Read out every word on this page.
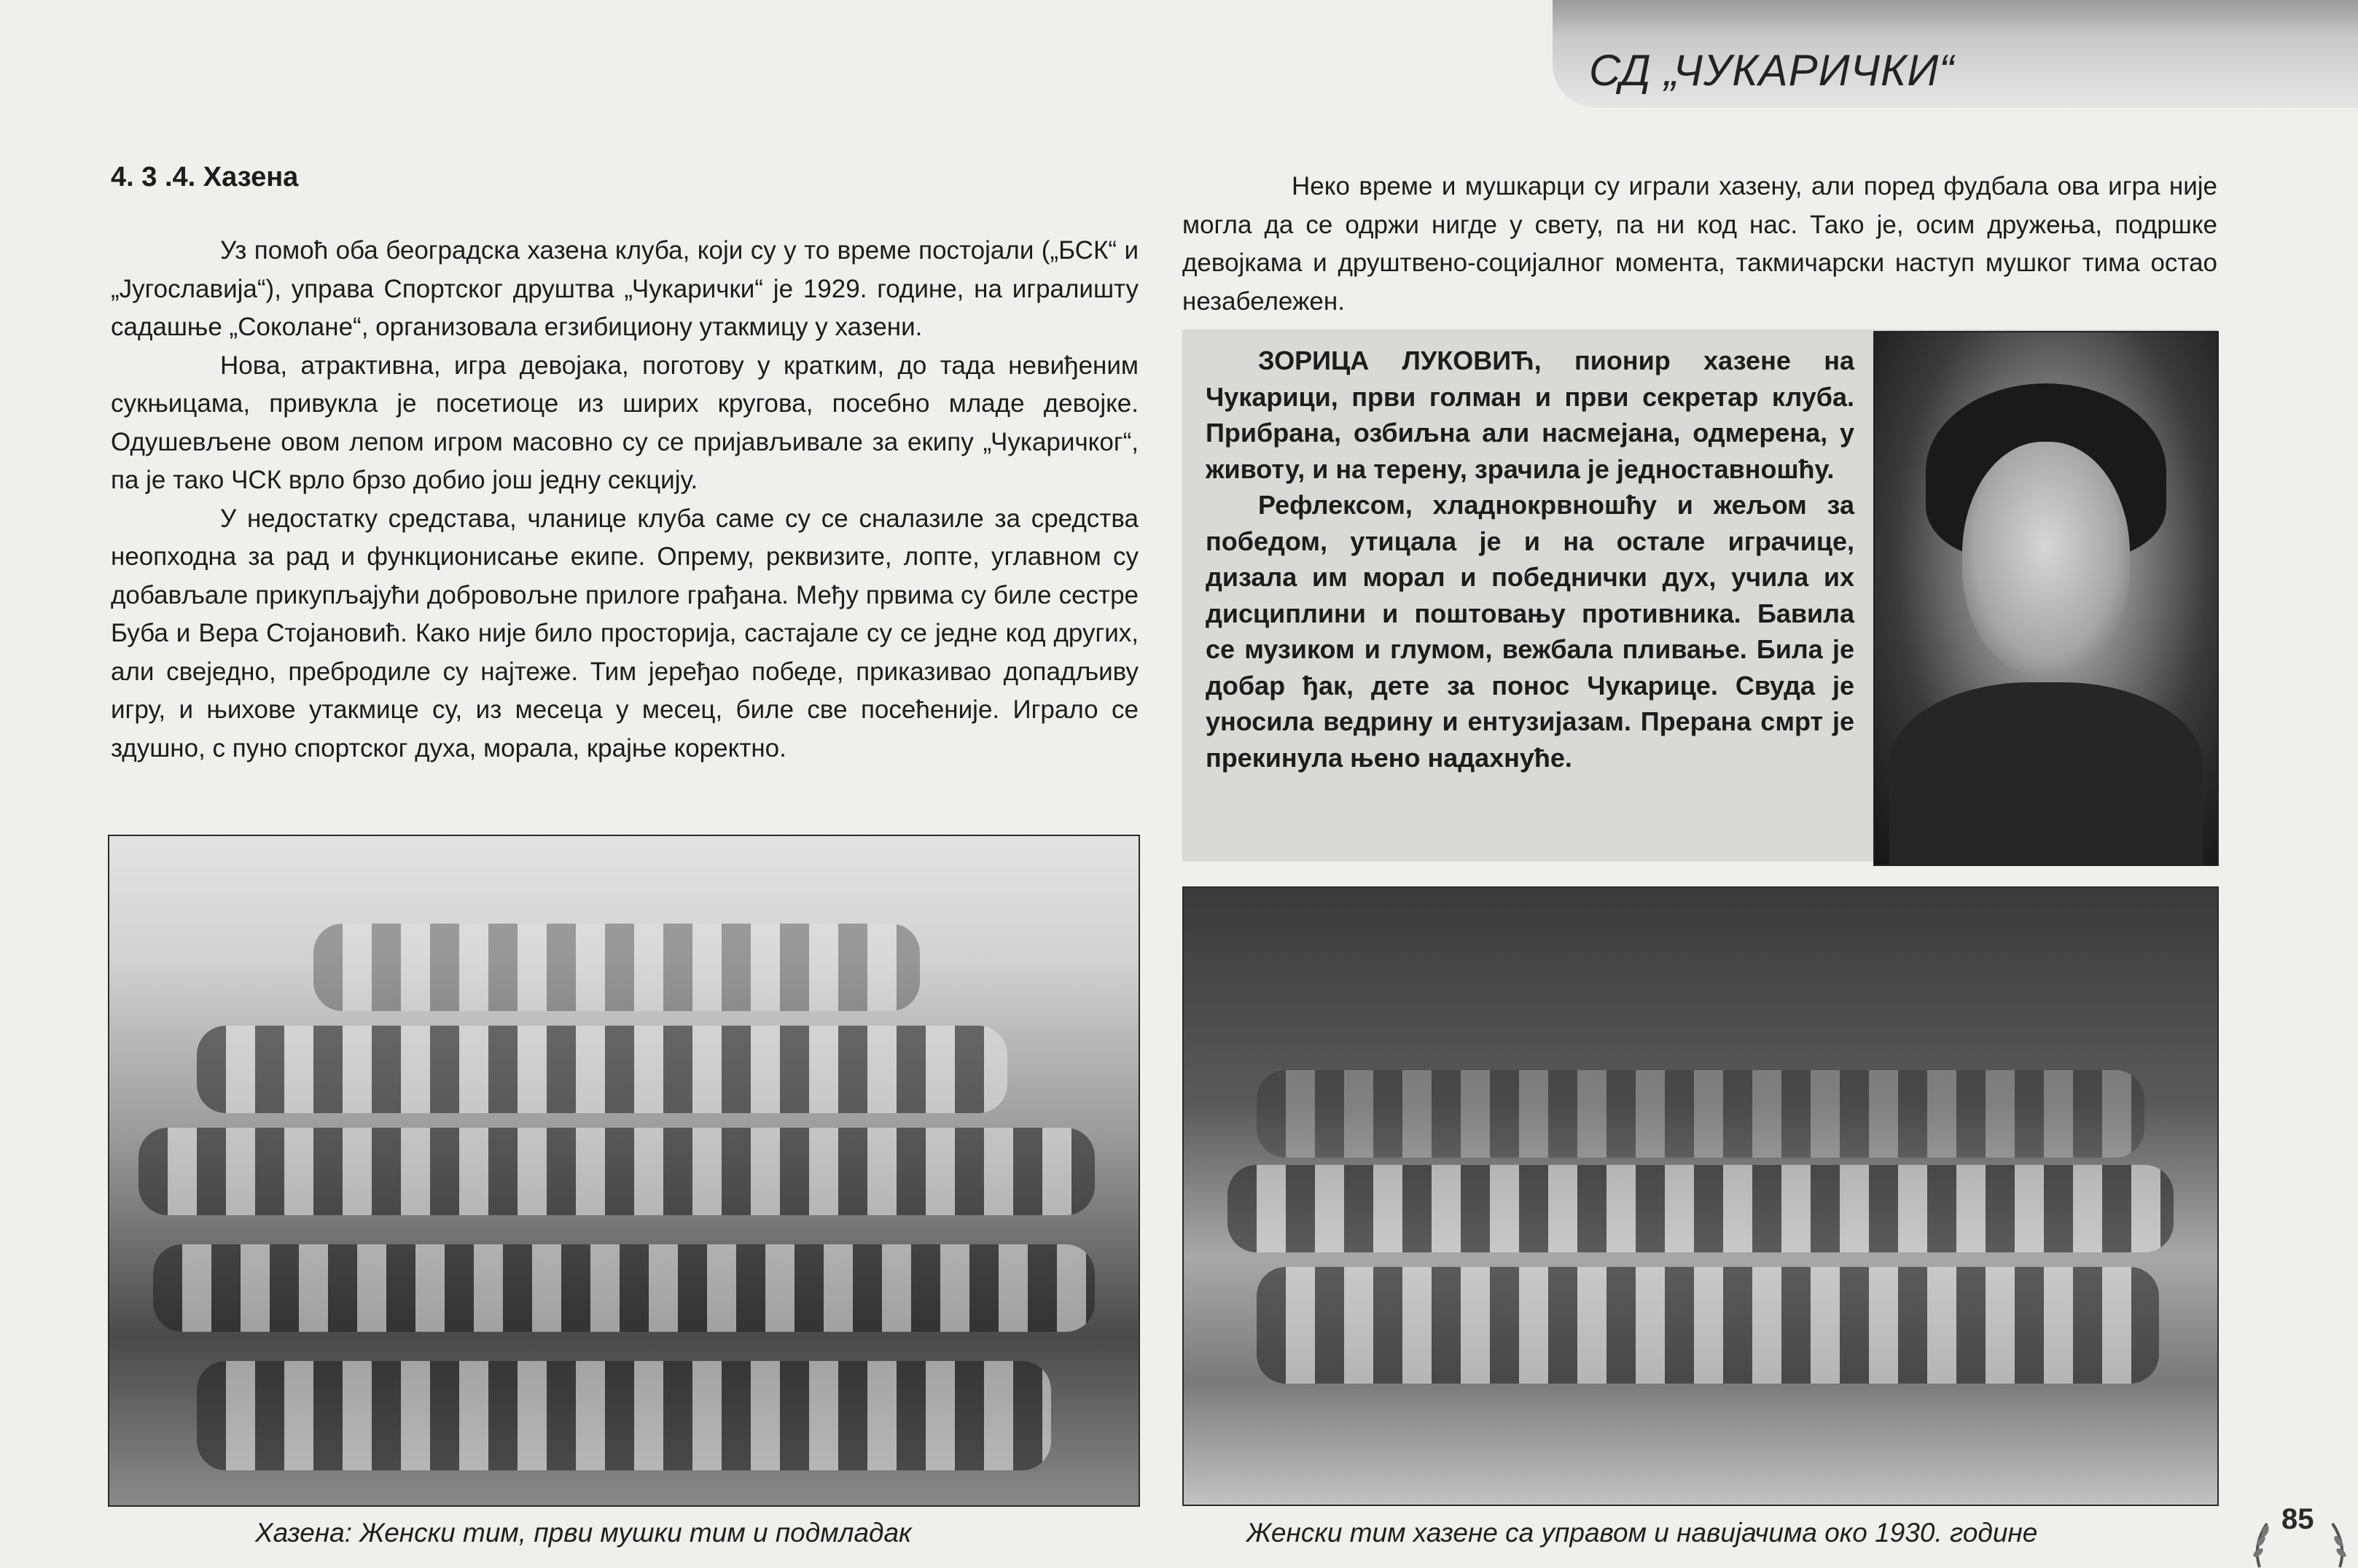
СД „ЧУКАРИЧКИ“
4. 3 .4. Хазена

Уз помоћ оба београдска хазена клуба, који су у то време постојали („БСК“ и „Југославија“), управа Спортског друштва „Чукарички“ је 1929. године, на игралишту садашње „Соколане“, организовала егзибициону утакмицу у хазени.

Нова, атрактивна, игра девојака, поготову у кратким, до тада невиђеним сукњицама, привукла је посетиоце из ширих кругова, посебно младе девојке. Одушевљене овом лепом игром масовно су се пријављивале за екипу „Чукаричког“, па је тако ЧСК врло брзо добио још једну секцију.

У недостатку средстава, чланице клуба саме су се сналазиле за средства неопходна за рад и функционисање екипе. Опрему, реквизите, лопте, углавном су добављале прикупљајући добровољне прилоге грађана. Међу првима су биле сестре Буба и Вера Стојановић. Како није било просторија, састајале су се једне код других, али свеједно, пребродиле су најтеже. Тим јеређао победе, приказивао допадљиву игру, и њихове утакмице су, из месеца у месец, биле све посећеније. Играло се здушно, с пуно спортског духа, морала, крајње коректно.

Неко време и мушкарци су играли хазену, али поред фудбала ова игра није могла да се одржи нигде у свету, па ни код нас. Тако је, осим дружења, подршке девојкама и друштвено-социјалног момента, такмичарски наступ мушког тима остао незабележен.

ЗОРИЦА ЛУКОВИЋ, пионир хазене на Чукарици, први голман и први секретар клуба. Прибрана, озбиљна али насмејана, одмерена, у животу, и на терену, зрачила је једноставношћу.

Рефлексом, хладнокрвношћу и жељом за победом, утицала је и на остале играчице, дизала им морал и победнички дух, учила их дисциплини и поштовању противника. Бавила се музиком и глумом, вежбала пливање. Била је добар ђак, дете за понос Чукарице. Свуда је уносила ведрину и ентузијазам. Прерана смрт је прекинула њено надахнуће.

Хазена: Женски тим, први мушки тим и подмладак	Женски тим хазене са управом и навијачима око 1930. године	85
